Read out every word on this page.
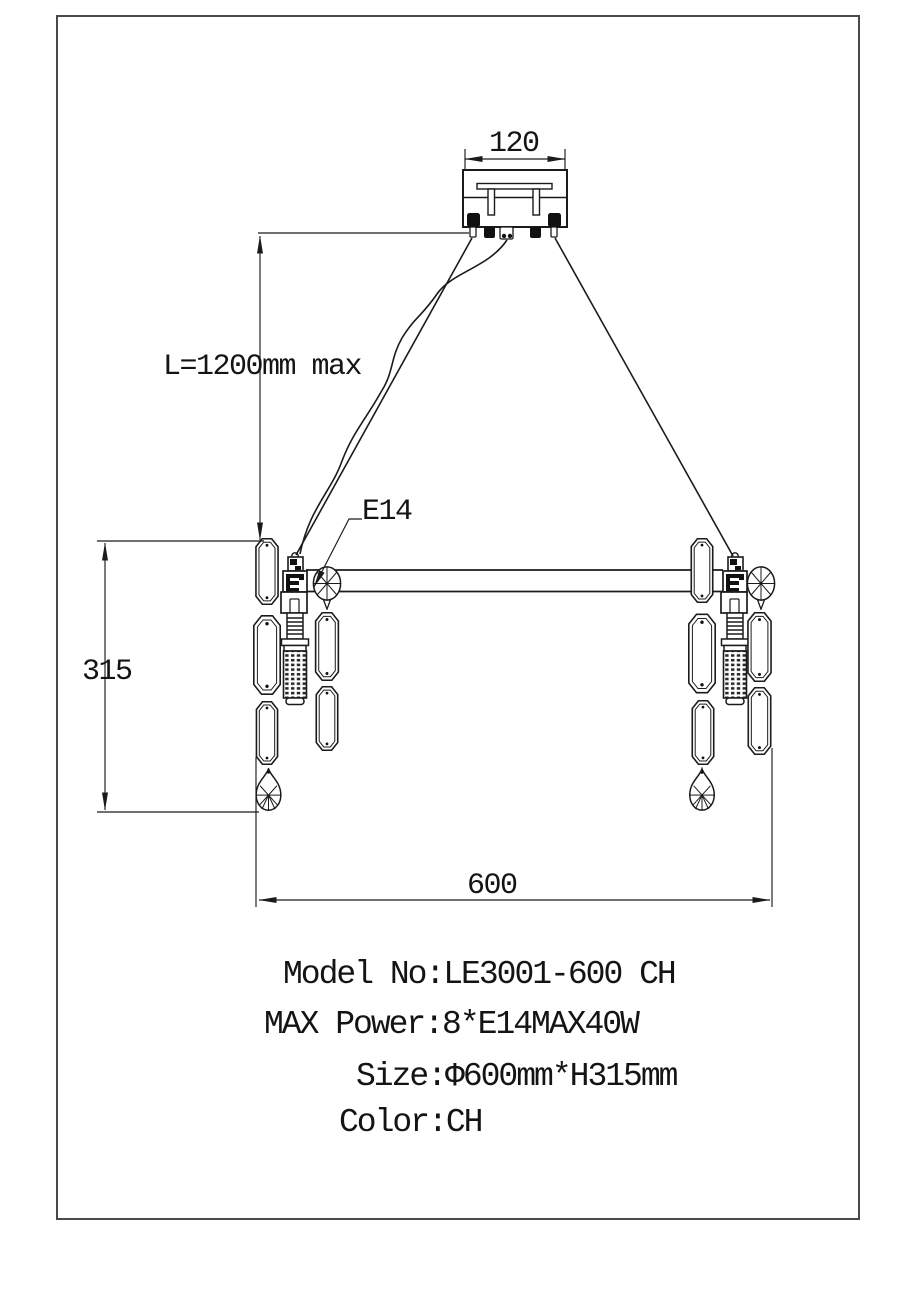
120
L=1200mm max
E14
315
600
Model No:LE3001-600 CH
MAX Power:8*E14MAX40W
Size:Φ600mm*H315mm
Color:CH
